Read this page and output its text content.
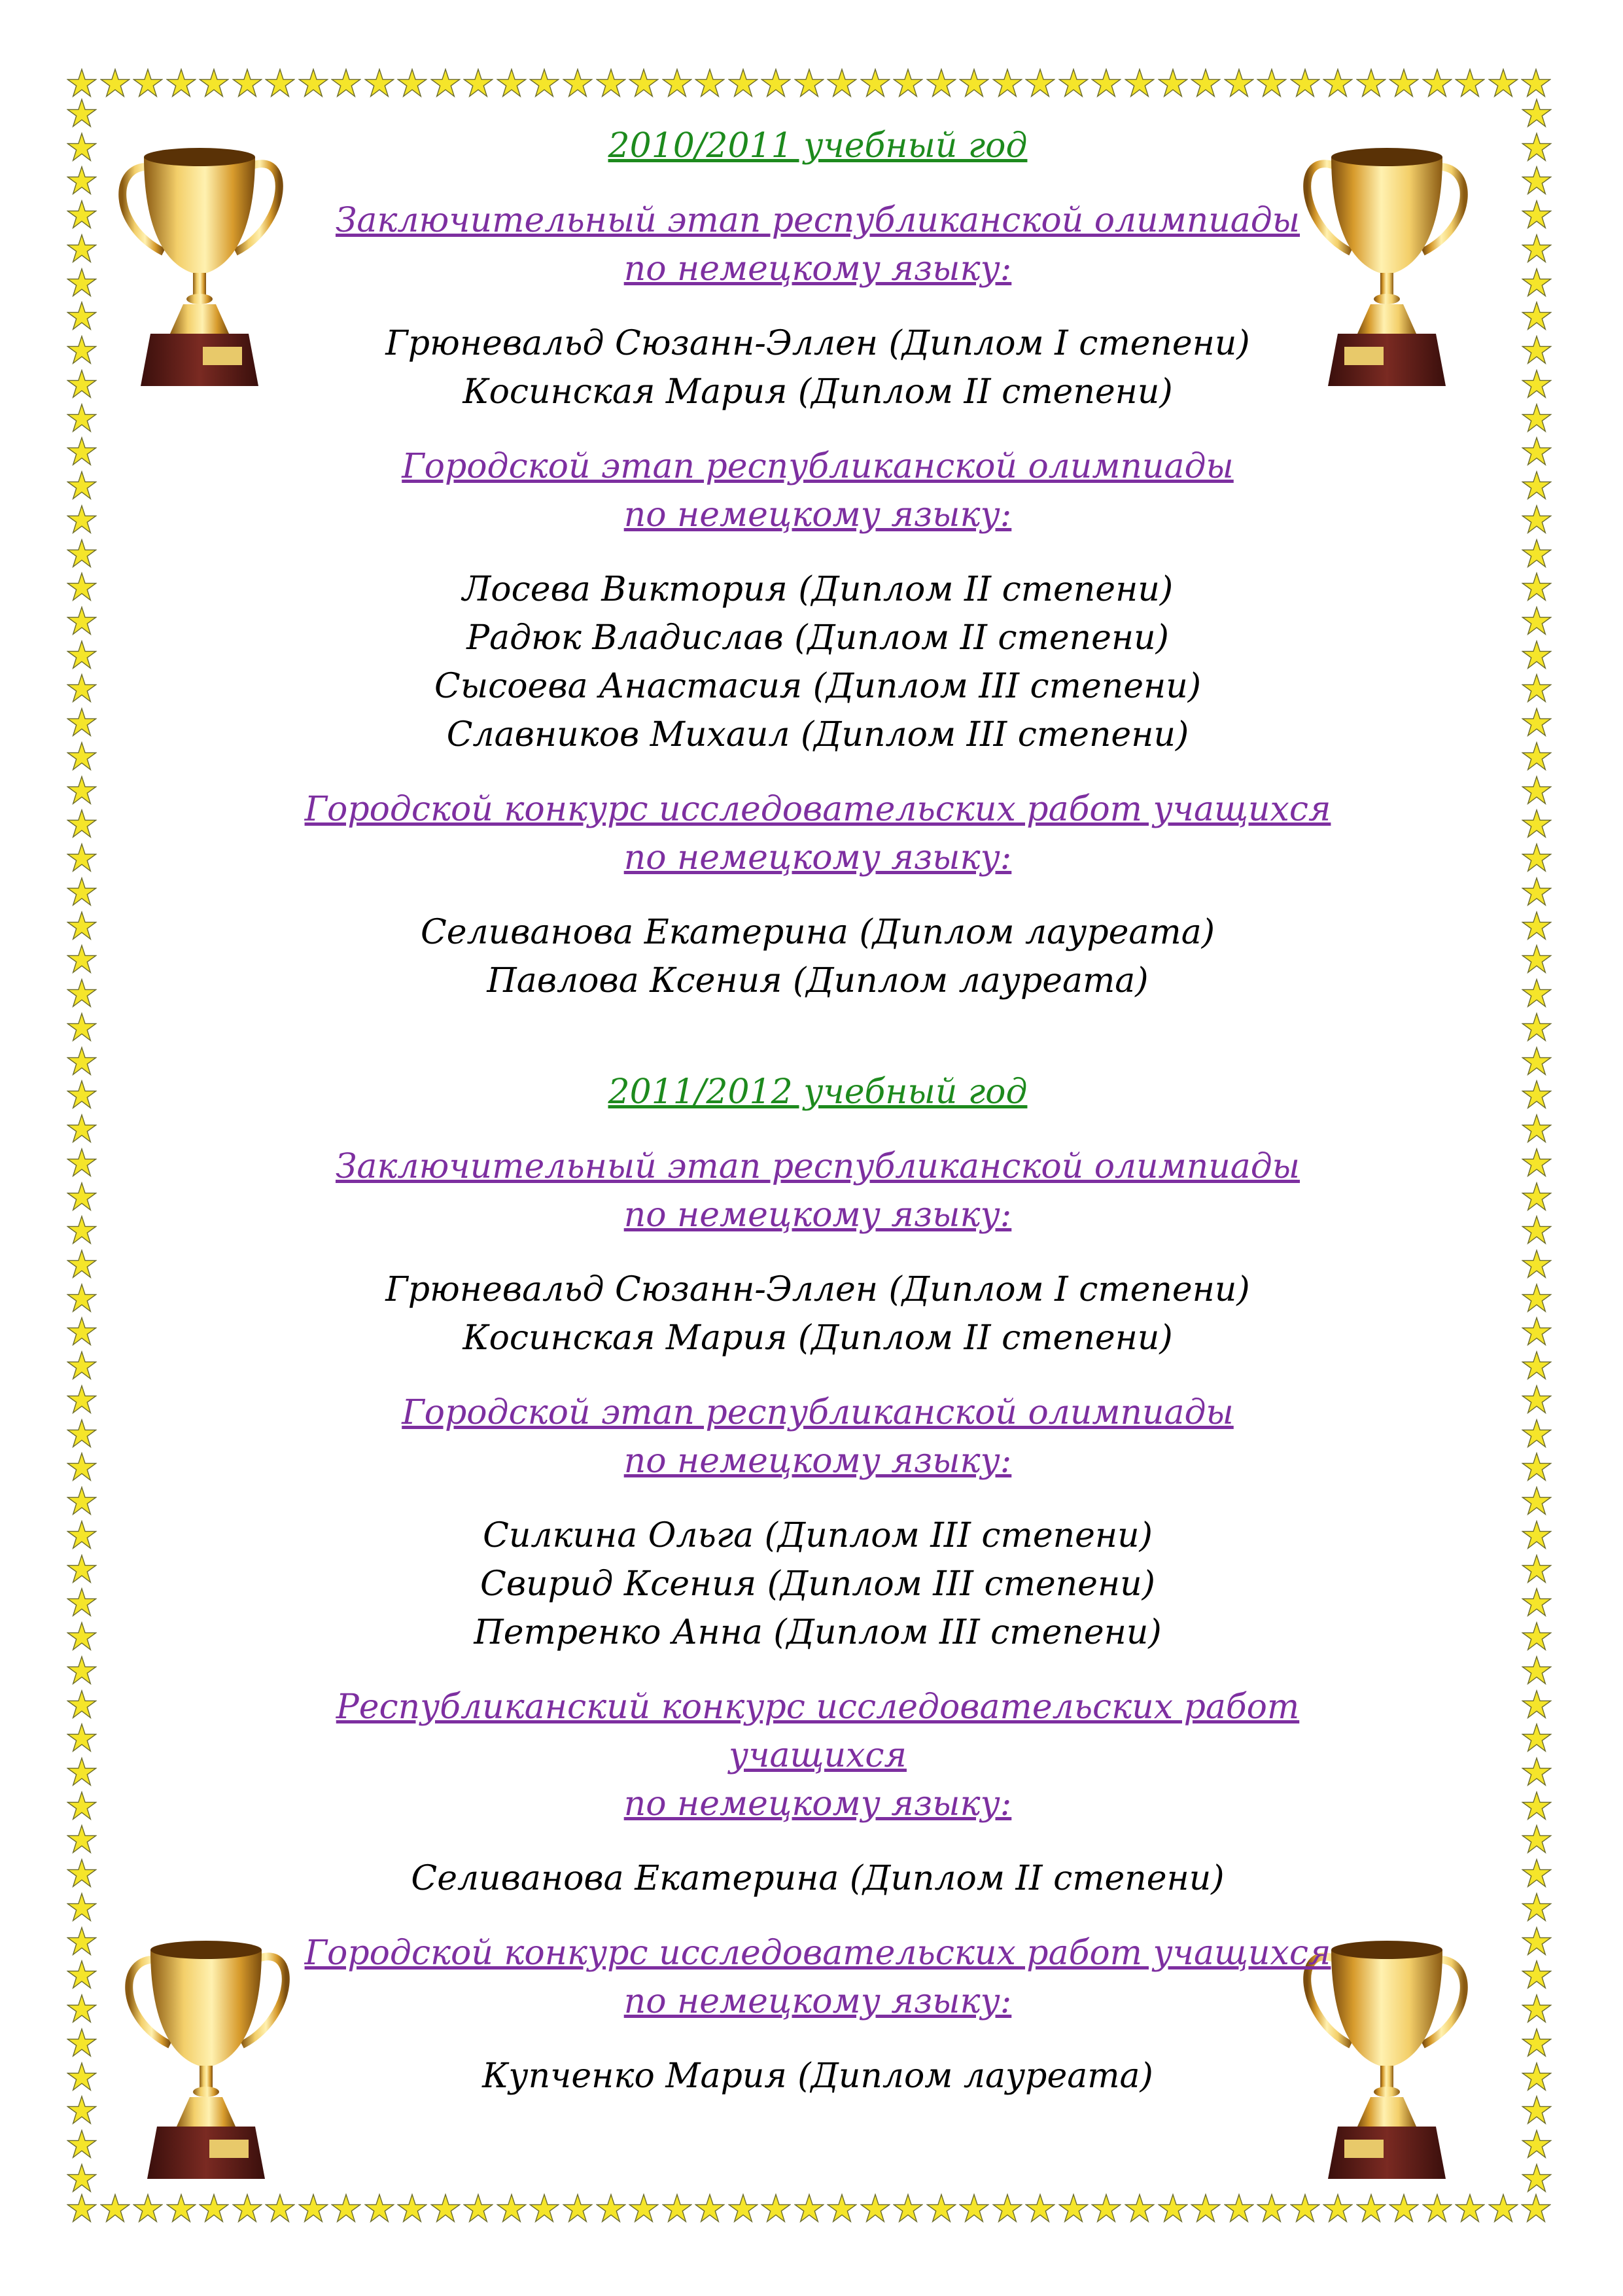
2010/2011 учебный год

Заключительный этап республиканской олимпиады

по немецкому языку:

Грюневальд Сюзанн-Эллен (Диплом I степени)

Косинская Мария (Диплом II степени)

Городской этап республиканской олимпиады

по немецкому языку:

Лосева Виктория (Диплом II степени)

Радюк Владислав (Диплом II степени)

Сысоева Анастасия (Диплом III степени)

Славников Михаил (Диплом III степени)

Городской конкурс исследовательских работ учащихся

по немецкому языку:

Селиванова Екатерина (Диплом лауреата)

Павлова Ксения (Диплом лауреата)

2011/2012 учебный год

Заключительный этап республиканской олимпиады

по немецкому языку:

Грюневальд Сюзанн-Эллен (Диплом I степени)

Косинская Мария (Диплом II степени)

Городской этап республиканской олимпиады

по немецкому языку:

Силкина Ольга (Диплом III степени)

Свирид Ксения (Диплом III степени)

Петренко Анна (Диплом III степени)

Республиканский конкурс исследовательских работ учащихся

по немецкому языку:

Селиванова Екатерина (Диплом II степени)

Городской конкурс исследовательских работ учащихся

по немецкому языку:

Купченко Мария (Диплом лауреата)
